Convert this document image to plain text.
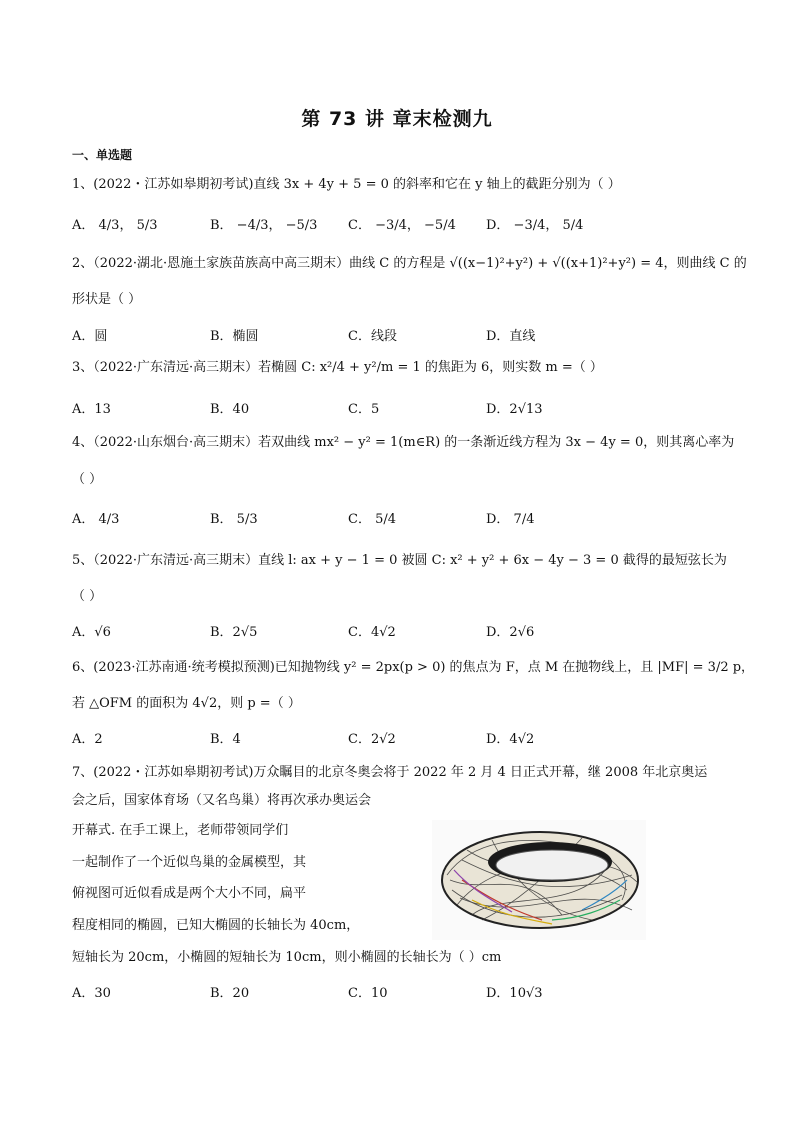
第 73 讲 章末检测九
一、单选题
1、(2022・江苏如皋期初考试)直线 3x + 4y + 5 = 0 的斜率和它在 y 轴上的截距分别为（ ）
A． 4/3， 5/3	B． −4/3， −5/3 C． −3/4， −5/4 D． −3/4， 5/4
2、（2022·湖北·恩施土家族苗族高中高三期末）曲线 C 的方程是 √((x−1)²+y²) + √((x+1)²+y²) = 4，则曲线 C 的
形状是（ ）
A．圆	B．椭圆	C．线段	D．直线
3、（2022·广东清远·高三期末）若椭圆 C: x²/4 + y²/m = 1 的焦距为 6，则实数 m =（ ）
A．13	B．40	C．5	D．2√13
4、（2022·山东烟台·高三期末）若双曲线 mx² − y² = 1(m∈R) 的一条渐近线方程为 3x − 4y = 0，则其离心率为
（ ）
A． 4/3	B． 5/3	C． 5/4	D． 7/4
5、（2022·广东清远·高三期末）直线 l: ax + y − 1 = 0 被圆 C: x² + y² + 6x − 4y − 3 = 0 截得的最短弦长为
（ ）
A．√6	B．2√5	C．4√2	D．2√6
6、(2023·江苏南通·统考模拟预测)已知抛物线 y² = 2px(p > 0) 的焦点为 F，点 M 在抛物线上，且 |MF| = 3/2 p，
若 △OFM 的面积为 4√2，则 p =（ ）
A．2	B．4	C．2√2	D．4√2
7、(2022・江苏如皋期初考试)万众瞩目的北京冬奥会将于 2022 年 2 月 4 日正式开幕，继 2008 年北京奥运
会之后，国家体育场（又名鸟巢）将再次承办奥运会
开幕式. 在手工课上，老师带领同学们
一起制作了一个近似鸟巢的金属模型，其
俯视图可近似看成是两个大小不同，扁平
程度相同的椭圆，已知大椭圆的长轴长为 40cm，
短轴长为 20cm，小椭圆的短轴长为 10cm，则小椭圆的长轴长为（ ）cm
A．30	B．20	C．10	D．10√3
